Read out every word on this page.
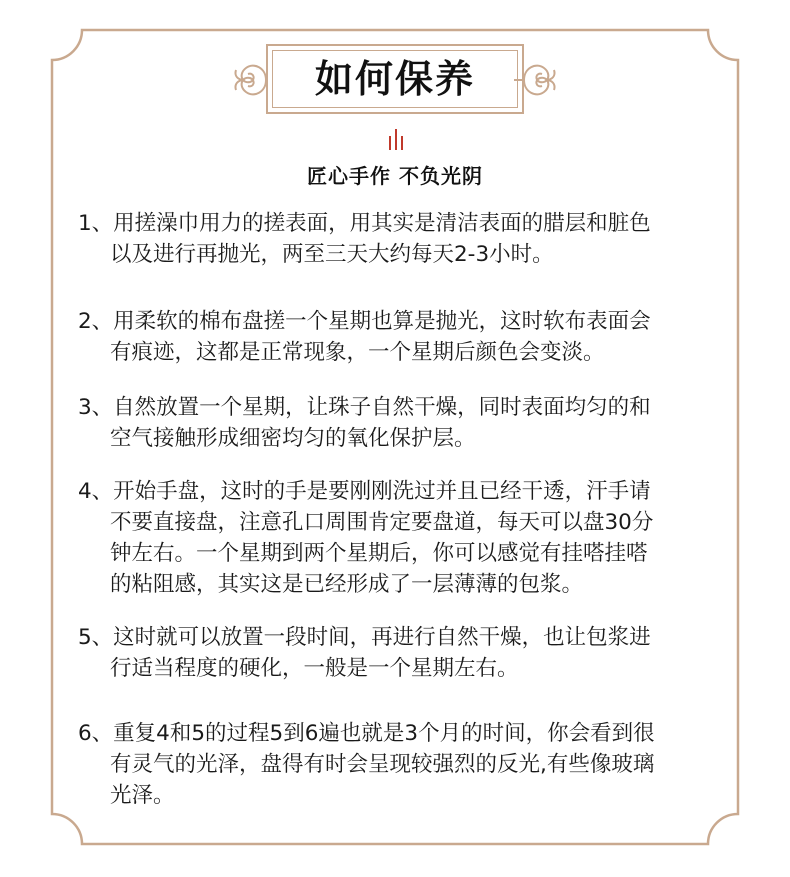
如何保养
匠心手作 不负光阴
1、用搓澡巾用力的搓表面，用其实是清洁表面的腊层和脏色
以及进行再抛光，两至三天大约每天2-3小时。
2、用柔软的棉布盘搓一个星期也算是抛光，这时软布表面会
有痕迹，这都是正常现象，一个星期后颜色会变淡。
3、自然放置一个星期，让珠子自然干燥，同时表面均匀的和
空气接触形成细密均匀的氧化保护层。
4、开始手盘，这时的手是要刚刚洗过并且已经干透，汗手请
不要直接盘，注意孔口周围肯定要盘道，每天可以盘30分
钟左右。一个星期到两个星期后，你可以感觉有挂嗒挂嗒
的粘阻感，其实这是已经形成了一层薄薄的包浆。
5、这时就可以放置一段时间，再进行自然干燥，也让包浆进
行适当程度的硬化，一般是一个星期左右。
6、重复4和5的过程5到6遍也就是3个月的时间，你会看到很
有灵气的光泽，盘得有时会呈现较强烈的反光,有些像玻璃
光泽。
